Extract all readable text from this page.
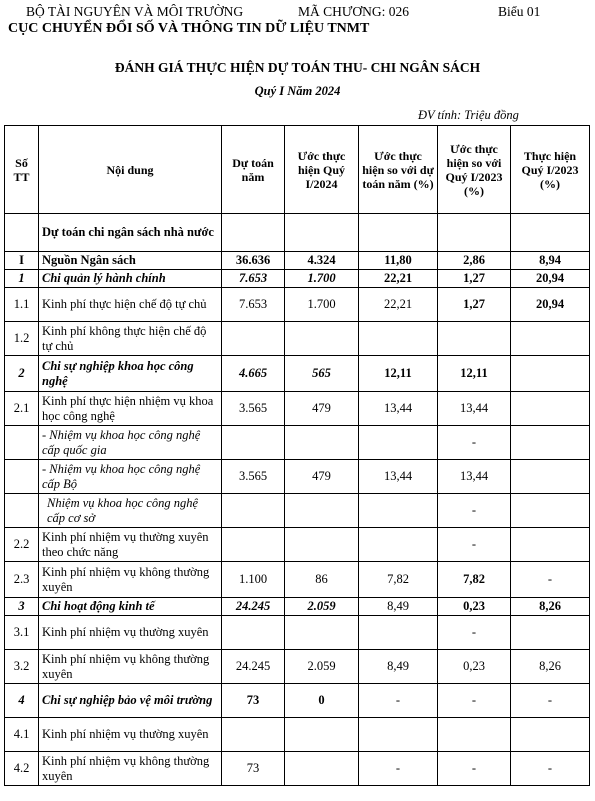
BỘ TÀI NGUYÊN VÀ MÔI TRƯỜNG	MÃ CHƯƠNG: 026	Biểu 01
CỤC CHUYỂN ĐỔI SỐ VÀ THÔNG TIN DỮ LIỆU TNMT
ĐÁNH GIÁ THỰC HIỆN DỰ TOÁN THU- CHI NGÂN SÁCH
Quý I Năm 2024
ĐV tính: Triệu đồng
Số TT	Nội dung	Dự toán năm	Ước thực hiện Quý I/2024	Ước thực hiện so với dự toán năm (%)	Ước thực hiện so với Quý I/2023 (%)	Thực hiện Quý I/2023 (%)
	Dự toán chi ngân sách nhà nước					
I	Nguồn Ngân sách	36.636	4.324	11,80	2,86	8,94
1	Chi quản lý hành chính	7.653	1.700	22,21	1,27	20,94
1.1	Kinh phí thực hiện chế độ tự chủ	7.653	1.700	22,21	1,27	20,94
1.2	Kinh phí không thực hiện chế độ tự chủ					
2	Chi sự nghiệp khoa học công nghệ	4.665	565	12,11	12,11	
2.1	Kinh phí thực hiện nhiệm vụ khoa học công nghệ	3.565	479	13,44	13,44	
	- Nhiệm vụ khoa học công nghệ cấp quốc gia				-	
	- Nhiệm vụ khoa học công nghệ cấp Bộ	3.565	479	13,44	13,44	
	Nhiệm vụ khoa học công nghệ cấp cơ sở				-	
2.2	Kinh phí nhiệm vụ thường xuyên theo chức năng				-	
2.3	Kinh phí nhiệm vụ không thường xuyên	1.100	86	7,82	7,82	-
3	Chi hoạt động kinh tế	24.245	2.059	8,49	0,23	8,26
3.1	Kinh phí nhiệm vụ thường xuyên				-	
3.2	Kinh phí nhiệm vụ không thường xuyên	24.245	2.059	8,49	0,23	8,26
4	Chi sự nghiệp bảo vệ môi trường	73	0	-	-	-
4.1	Kinh phí nhiệm vụ thường xuyên					
4.2	Kinh phí nhiệm vụ không thường xuyên	73		-	-	-
